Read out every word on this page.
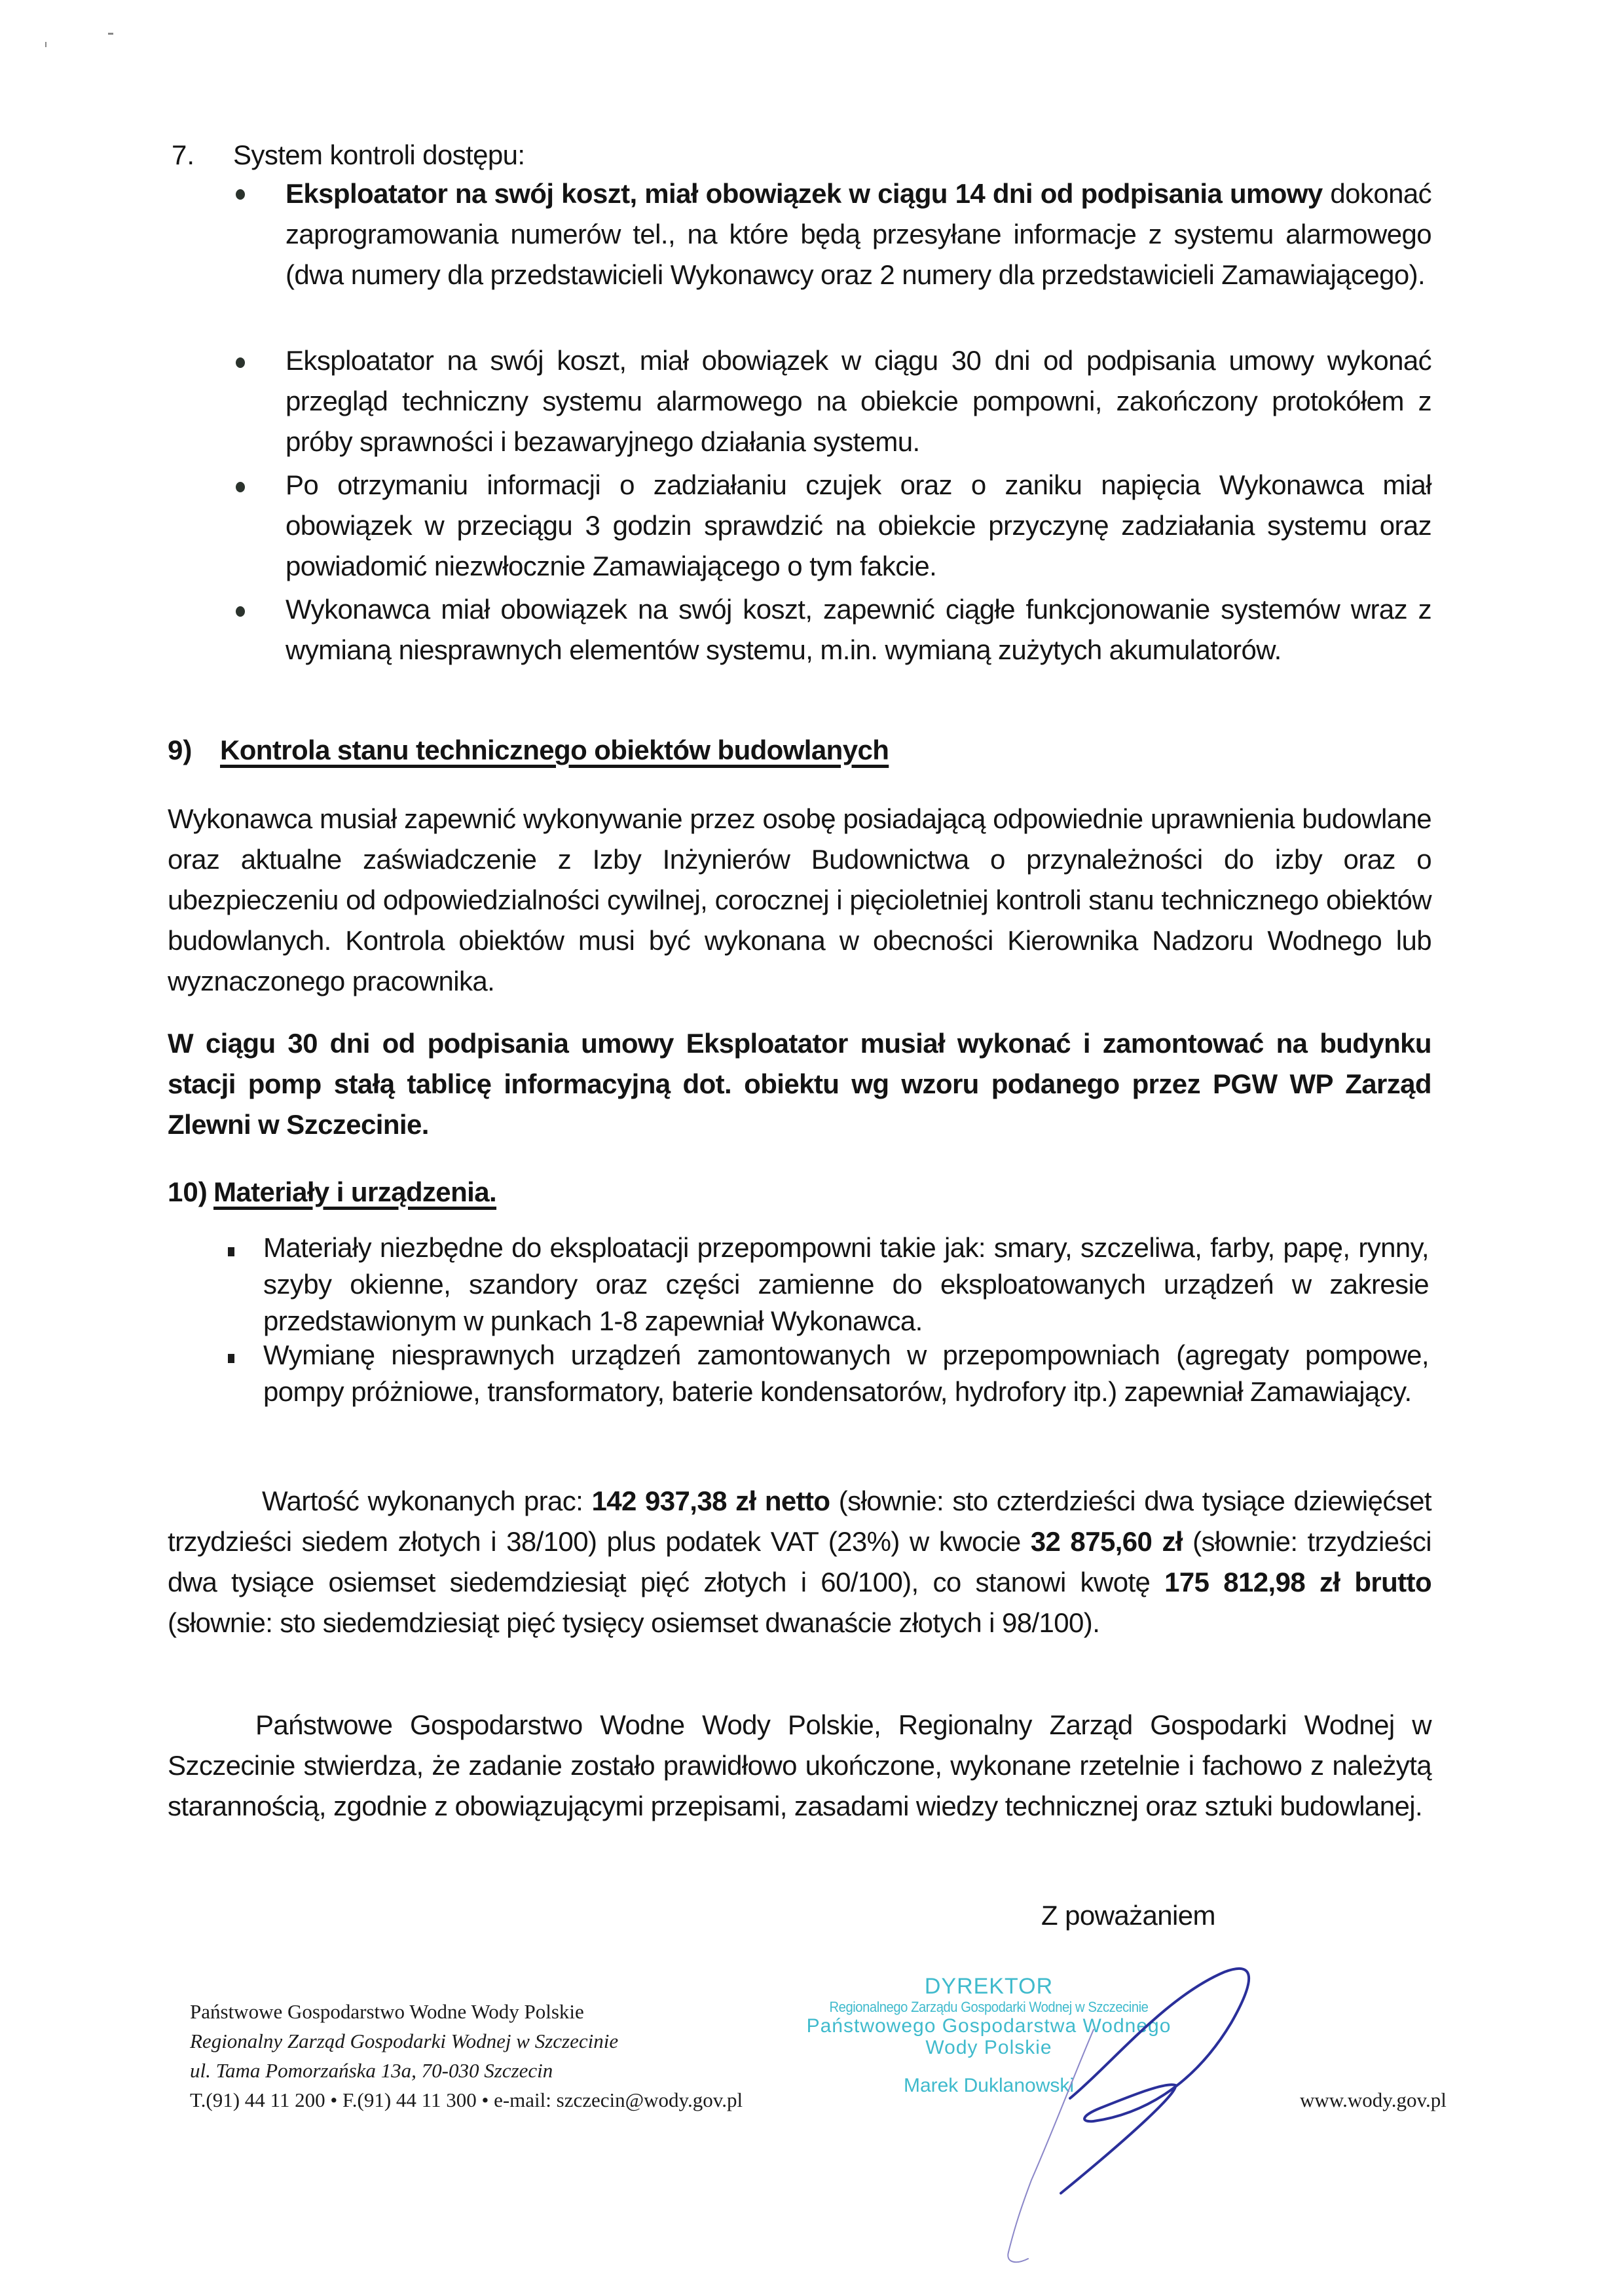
7. System kontroli dostępu:
Eksploatator na swój koszt, miał obowiązek w ciągu 14 dni od podpisania umowy dokonać zaprogramowania numerów tel., na które będą przesyłane informacje z systemu alarmowego (dwa numery dla przedstawicieli Wykonawcy oraz 2 numery dla przedstawicieli Zamawiającego).
Eksploatator na swój koszt, miał obowiązek w ciągu 30 dni od podpisania umowy wykonać przegląd techniczny systemu alarmowego na obiekcie pompowni, zakończony protokółem z próby sprawności i bezawaryjnego działania systemu.
Po otrzymaniu informacji o zadziałaniu czujek oraz o zaniku napięcia Wykonawca miał obowiązek w przeciągu 3 godzin sprawdzić na obiekcie przyczynę zadziałania systemu oraz powiadomić niezwłocznie Zamawiającego o tym fakcie.
Wykonawca miał obowiązek na swój koszt, zapewnić ciągłe funkcjonowanie systemów wraz z wymianą niesprawnych elementów systemu, m.in. wymianą zużytych akumulatorów.
9) Kontrola stanu technicznego obiektów budowlanych
Wykonawca musiał zapewnić wykonywanie przez osobę posiadającą odpowiednie uprawnienia budowlane oraz aktualne zaświadczenie z Izby Inżynierów Budownictwa o przynależności do izby oraz o ubezpieczeniu od odpowiedzialności cywilnej, corocznej i pięcioletniej kontroli stanu technicznego obiektów budowlanych. Kontrola obiektów musi być wykonana w obecności Kierownika Nadzoru Wodnego lub wyznaczonego pracownika.
W ciągu 30 dni od podpisania umowy Eksploatator musiał wykonać i zamontować na budynku stacji pomp stałą tablicę informacyjną dot. obiektu wg wzoru podanego przez PGW WP Zarząd Zlewni w Szczecinie.
10) Materiały i urządzenia.
Materiały niezbędne do eksploatacji przepompowni takie jak: smary, szczeliwa, farby, papę, rynny, szyby okienne, szandory oraz części zamienne do eksploatowanych urządzeń w zakresie przedstawionym w punkach 1-8 zapewniał Wykonawca.
Wymianę niesprawnych urządzeń zamontowanych w przepompowniach (agregaty pompowe, pompy próżniowe, transformatory, baterie kondensatorów, hydrofory itp.) zapewniał Zamawiający.
Wartość wykonanych prac: 142 937,38 zł netto (słownie: sto czterdzieści dwa tysiące dziewięćset trzydzieści siedem złotych i 38/100) plus podatek VAT (23%) w kwocie 32 875,60 zł (słownie: trzydzieści dwa tysiące osiemset siedemdziesiąt pięć złotych i 60/100), co stanowi kwotę 175 812,98 zł brutto (słownie: sto siedemdziesiąt pięć tysięcy osiemset dwanaście złotych i 98/100).
Państwowe Gospodarstwo Wodne Wody Polskie, Regionalny Zarząd Gospodarki Wodnej w Szczecinie stwierdza, że zadanie zostało prawidłowo ukończone, wykonane rzetelnie i fachowo z należytą starannością, zgodnie z obowiązującymi przepisami, zasadami wiedzy technicznej oraz sztuki budowlanej.
Z poważaniem
DYREKTOR
Regionalnego Zarządu Gospodarki Wodnej w Szczecinie
Państwowego Gospodarstwa Wodnego
Wody Polskie
Marek Duklanowski
Państwowe Gospodarstwo Wodne Wody Polskie
Regionalny Zarząd Gospodarki Wodnej w Szczecinie
ul. Tama Pomorzańska 13a, 70-030 Szczecin
T.(91) 44 11 200 • F.(91) 44 11 300 • e-mail: szczecin@wody.gov.pl	www.wody.gov.pl
